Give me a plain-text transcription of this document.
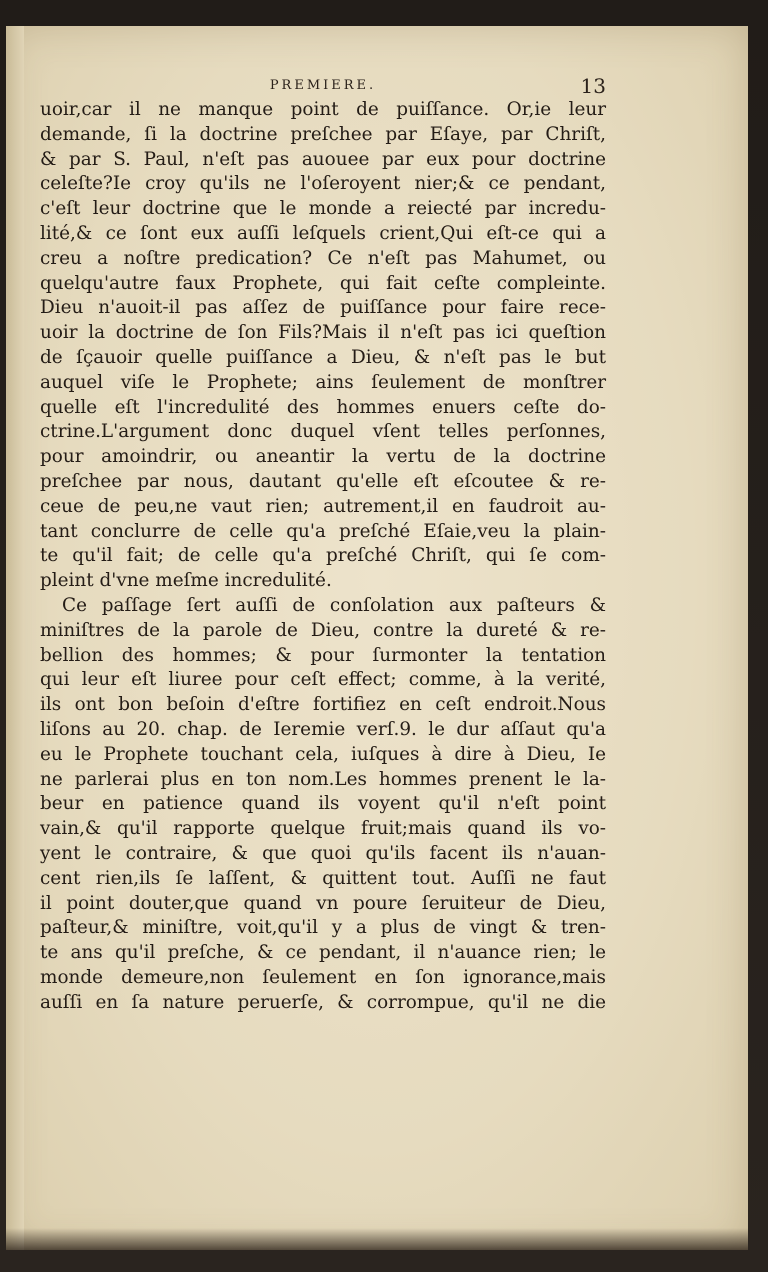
PREMIERE.	13
uoir,car il ne manque point de puiſſance. Or,ie leur
demande, ſi la doctrine preſchee par Eſaye, par Chriſt,
& par S. Paul, n'eſt pas auouee par eux pour doctrine
celeſte?Ie croy qu'ils ne l'oſeroyent nier;& ce pendant,
c'eſt leur doctrine que le monde a reiecté par incredu-
lité,& ce ſont eux auſſi leſquels crient,Qui eſt-ce qui a
creu a noſtre predication? Ce n'eſt pas Mahumet, ou
quelqu'autre faux Prophete, qui fait ceſte compleinte.
Dieu n'auoit-il pas aſſez de puiſſance pour faire rece-
uoir la doctrine de ſon Fils?Mais il n'eſt pas ici queſtion
de ſçauoir quelle puiſſance a Dieu, & n'eſt pas le but
auquel viſe le Prophete; ains ſeulement de monſtrer
quelle eſt l'incredulité des hommes enuers ceſte do-
ctrine.L'argument donc duquel vſent telles perſonnes,
pour amoindrir, ou aneantir la vertu de la doctrine
preſchee par nous, dautant qu'elle eſt eſcoutee & re-
ceue de peu,ne vaut rien; autrement,il en faudroit au-
tant conclurre de celle qu'a preſché Eſaie,veu la plain-
te qu'il fait; de celle qu'a preſché Chriſt, qui ſe com-
pleint d'vne meſme incredulité.
Ce paſſage ſert auſſi de conſolation aux paſteurs &
miniſtres de la parole de Dieu, contre la dureté & re-
bellion des hommes; & pour ſurmonter la tentation
qui leur eſt liuree pour ceſt effect; comme, à la verité,
ils ont bon beſoin d'eſtre fortifiez en ceſt endroit.Nous
liſons au 20. chap. de Ieremie verſ.9. le dur aſſaut qu'a
eu le Prophete touchant cela, iuſques à dire à Dieu, Ie
ne parlerai plus en ton nom.Les hommes prenent le la-
beur en patience quand ils voyent qu'il n'eſt point
vain,& qu'il rapporte quelque fruit;mais quand ils vo-
yent le contraire, & que quoi qu'ils facent ils n'auan-
cent rien,ils ſe laſſent, & quittent tout. Auſſi ne faut
il point douter,que quand vn poure ſeruiteur de Dieu,
paſteur,& miniſtre, voit,qu'il y a plus de vingt & tren-
te ans qu'il preſche, & ce pendant, il n'auance rien; le
monde demeure,non ſeulement en ſon ignorance,mais
auſſi en ſa nature peruerſe, & corrompue, qu'il ne die
